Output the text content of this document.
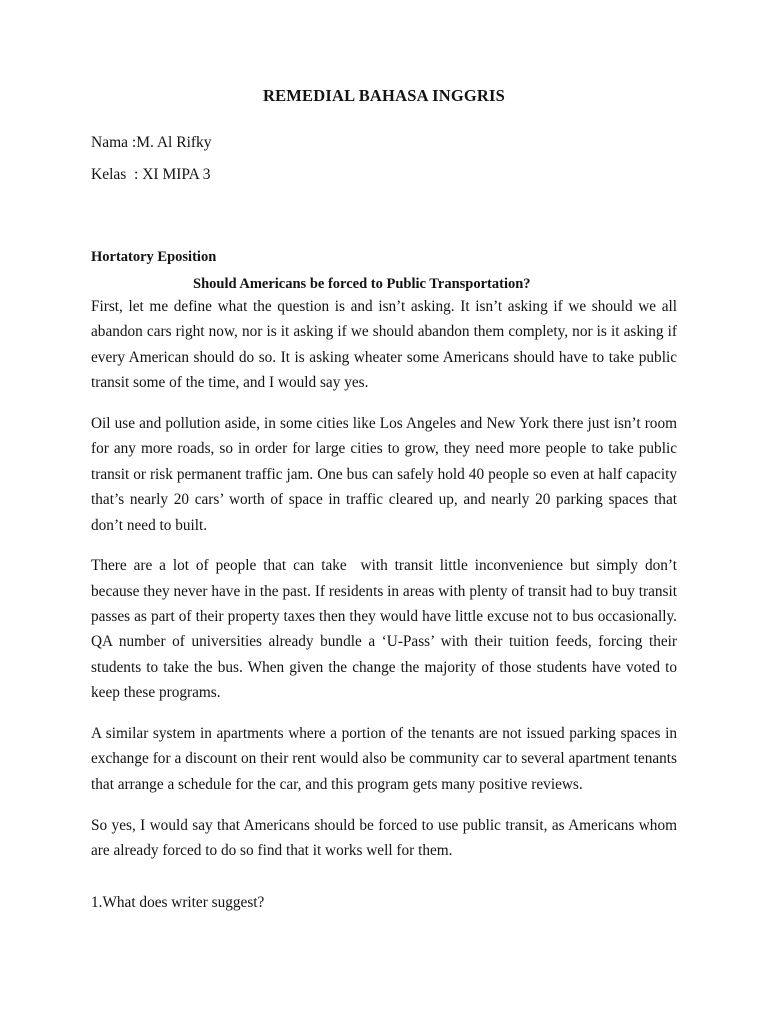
REMEDIAL BAHASA INGGRIS
Nama :M. Al Rifky
Kelas  : XI MIPA 3
Hortatory Eposition
Should Americans be forced to Public Transportation?

First, let me define what the question is and isn’t asking. It isn’t asking if we should we all abandon cars right now, nor is it asking if we should abandon them complety, nor is it asking if every American should do so. It is asking wheater some Americans should have to take public transit some of the time, and I would say yes.

Oil use and pollution aside, in some cities like Los Angeles and New York there just isn’t room for any more roads, so in order for large cities to grow, they need more people to take public transit or risk permanent traffic jam. One bus can safely hold 40 people so even at half capacity that’s nearly 20 cars’ worth of space in traffic cleared up, and nearly 20 parking spaces that  don’t need to built.

There are a lot of people that can take  with transit little inconvenience but simply don’t because they never have in the past. If residents in areas with plenty of transit had to buy transit passes as part of their property taxes then they would have little excuse not to bus occasionally. QA number of universities already bundle a ‘U-Pass’ with their tuition feeds, forcing their students to take the bus. When given the change the majority of those students have voted to keep these programs.

A similar system in apartments where a portion of the tenants are not issued parking spaces in exchange for a discount on their rent would also be community car to several apartment tenants that arrange a schedule for the car, and this program gets many positive reviews.

So yes, I would say that Americans should be forced to use public transit, as Americans whom are already forced to do so find that it works well for them.

1.What does writer suggest?
